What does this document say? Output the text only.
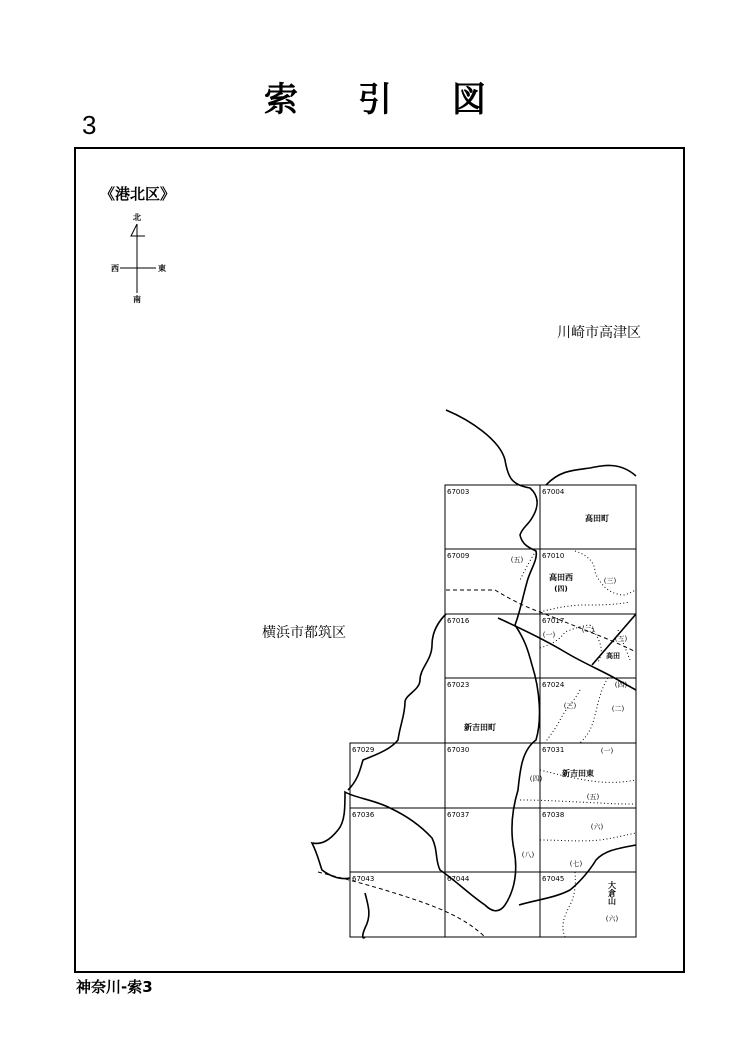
索引図
3
神奈川-索3
《港北区》
北
南
西	東
川崎市高津区
横浜市都筑区
67003	67004
67009	67010
67016	67017
67023	67024
67029	67030	67031
67036	67037	67038
67043	67044	67045
高田町
高田西
(四)
高田
新吉田町
新吉田東
大倉山
(五)
(三)
(一)
(二)
(三)
(四)
(三)	(二)
(一)
(四)
(五)
(六)
(八)
(七)
(六)
